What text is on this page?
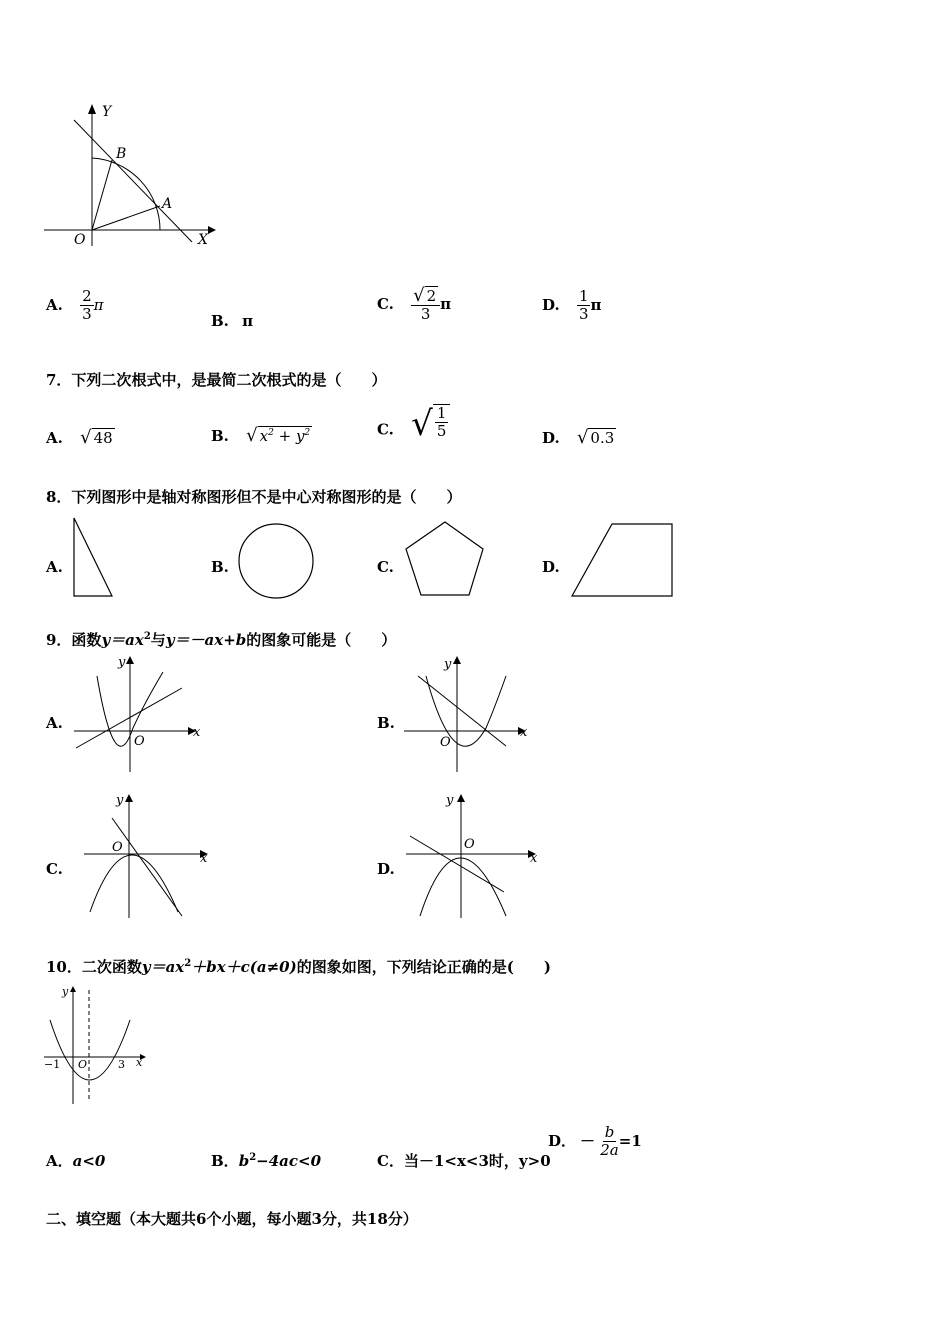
Y
X
O
A
B
A. $\frac{2}{3}$ π
B. π
C. $\frac{√ 2}{3}$ π	D. $\frac{1}{3}$ π
7．下列二次根式中，是最简二次根式的是（　　）
A. √ 48	B. √ $x^2 + y^2$	C. √ $\frac{1}{5}$	D. √ 0.3
8．下列图形中是轴对称图形但不是中心对称图形的是（　　）
A.	B.	C.	D.
9．函数$y=ax^2$与y＝－ax+b的图象可能是（　　）
A.
y
x
O
B.
y
x
O
C.
y
x
O
D.
y
x
O
10．二次函数$y=ax^2+bx+c(a\ne 0)$的图象如图，下列结论正确的是(　　)
y
x
O
−1	3
A．a<0	B．$b^2-4ac<0$	C．当－1<x<3时，y>0
D． － $\frac{b}{2a} =1$
二、填空题（本大题共6个小题，每小题3分，共18分）
